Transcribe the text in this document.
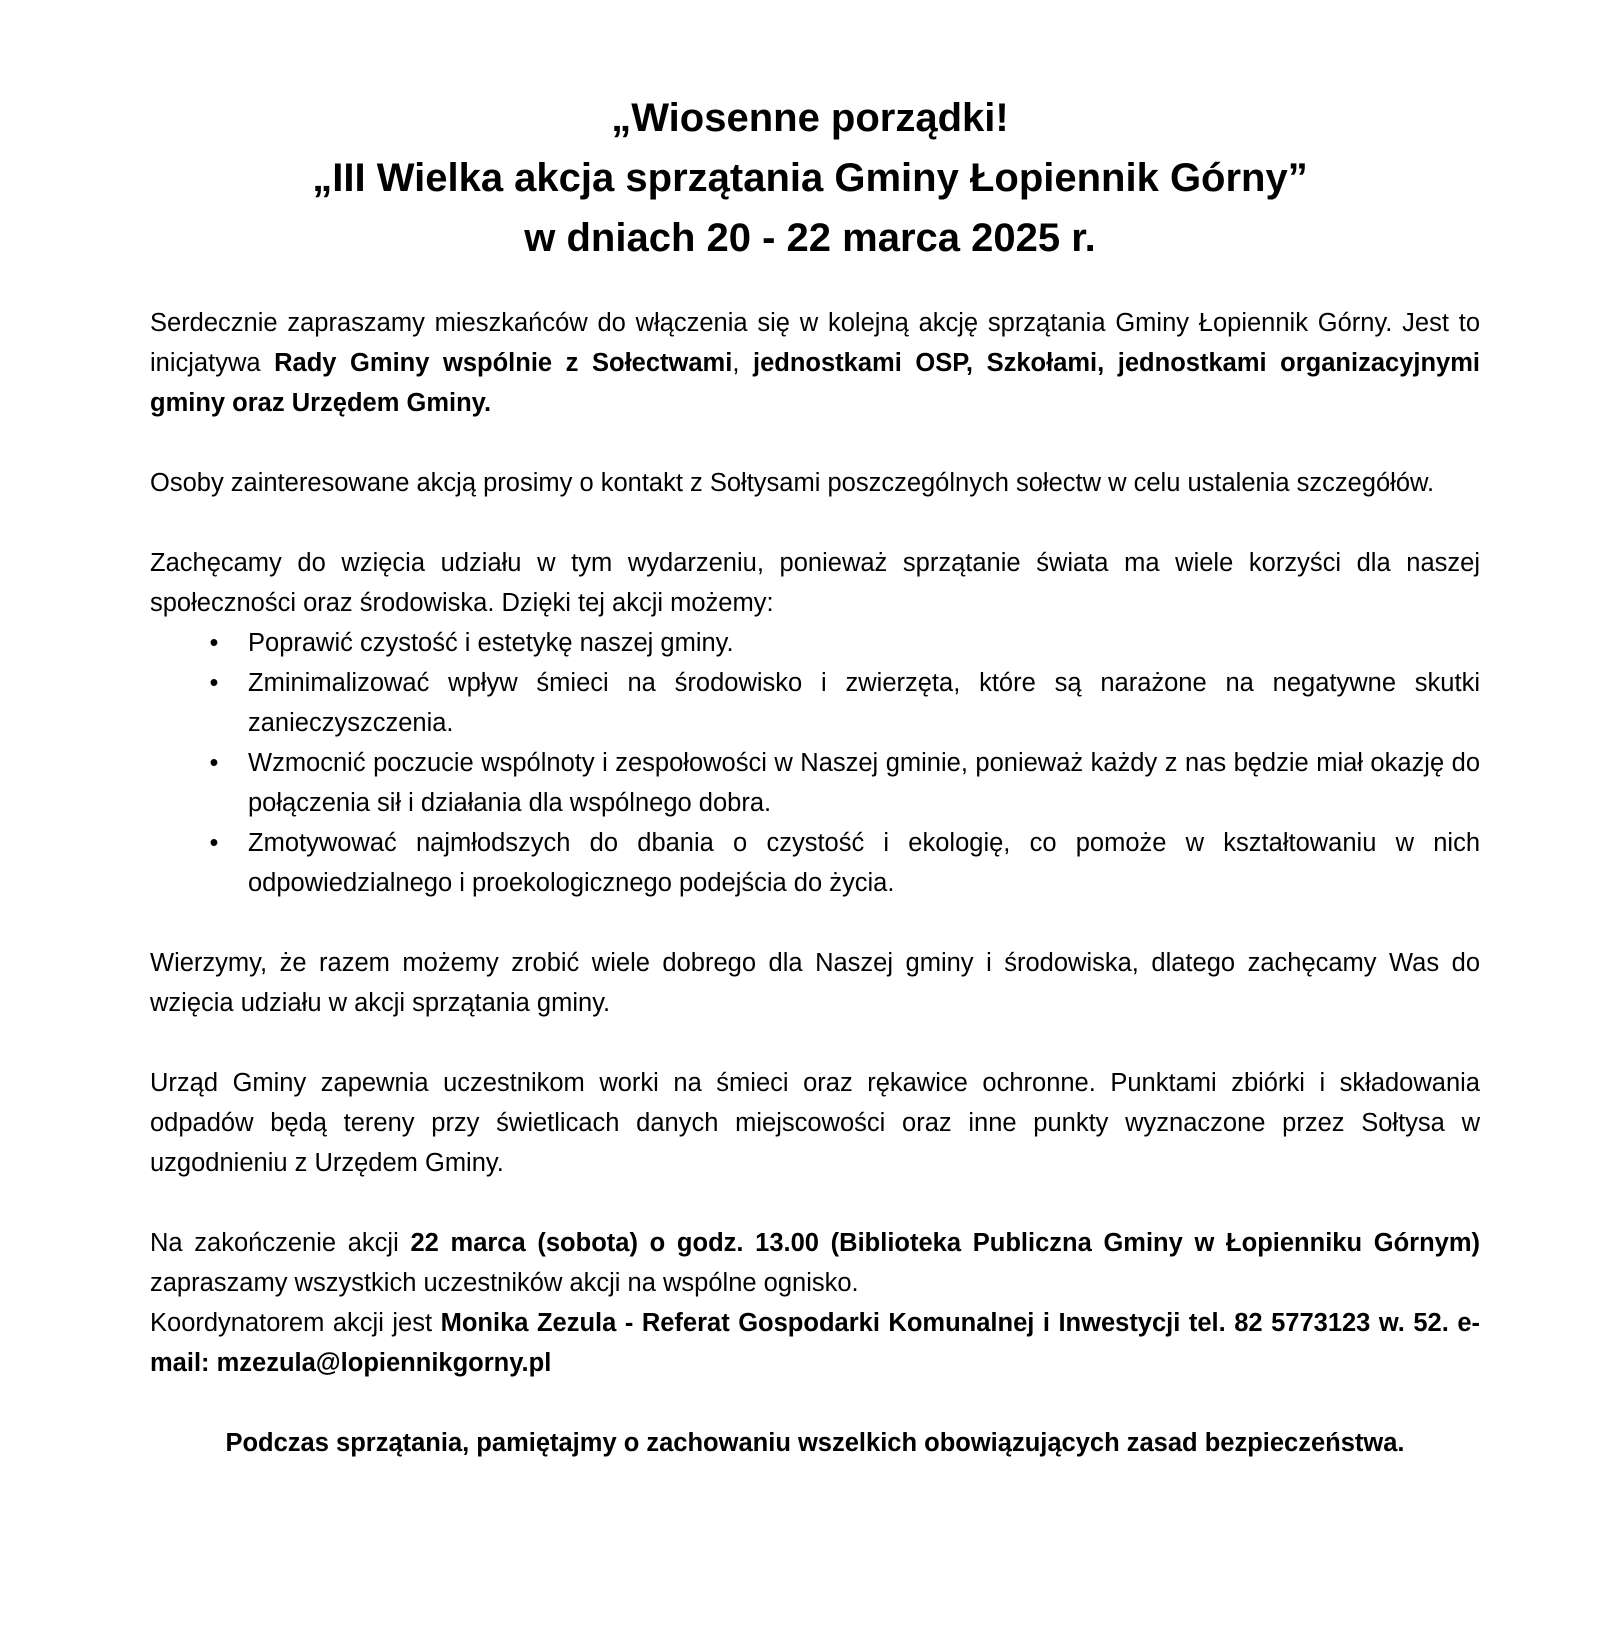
„Wiosenne porządki!
„III Wielka akcja sprzątania Gminy Łopiennik Górny”
w dniach 20 - 22 marca 2025 r.

Serdecznie zapraszamy mieszkańców do włączenia się w kolejną akcję sprzątania Gminy Łopiennik Górny. Jest to inicjatywa Rady Gminy wspólnie z Sołectwami, jednostkami OSP, Szkołami, jednostkami organizacyjnymi gminy oraz Urzędem Gminy.

Osoby zainteresowane akcją prosimy o kontakt z Sołtysami poszczególnych sołectw w celu ustalenia szczegółów.

Zachęcamy do wzięcia udziału w tym wydarzeniu, ponieważ sprzątanie świata ma wiele korzyści dla naszej społeczności oraz środowiska. Dzięki tej akcji możemy:

• Poprawić czystość i estetykę naszej gminy.
• Zminimalizować wpływ śmieci na środowisko i zwierzęta, które są narażone na negatywne skutki zanieczyszczenia.
• Wzmocnić poczucie wspólnoty i zespołowości w Naszej gminie, ponieważ każdy z nas będzie miał okazję do połączenia sił i działania dla wspólnego dobra.
• Zmotywować najmłodszych do dbania o czystość i ekologię, co pomoże w kształtowaniu w nich odpowiedzialnego i proekologicznego podejścia do życia.

Wierzymy, że razem możemy zrobić wiele dobrego dla Naszej gminy i środowiska, dlatego zachęcamy Was do wzięcia udziału w akcji sprzątania gminy.

Urząd Gminy zapewnia uczestnikom worki na śmieci oraz rękawice ochronne. Punktami zbiórki i składowania odpadów będą tereny przy świetlicach danych miejscowości oraz inne punkty wyznaczone przez Sołtysa w uzgodnieniu z Urzędem Gminy.

Na zakończenie akcji 22 marca (sobota) o godz. 13.00 (Biblioteka Publiczna Gminy w Łopienniku Górnym) zapraszamy wszystkich uczestników akcji na wspólne ognisko.

Koordynatorem akcji jest Monika Zezula - Referat Gospodarki Komunalnej i Inwestycji tel. 82 5773123 w. 52. e-mail: mzezula@lopiennikgorny.pl

Podczas sprzątania, pamiętajmy o zachowaniu wszelkich obowiązujących zasad bezpieczeństwa.
